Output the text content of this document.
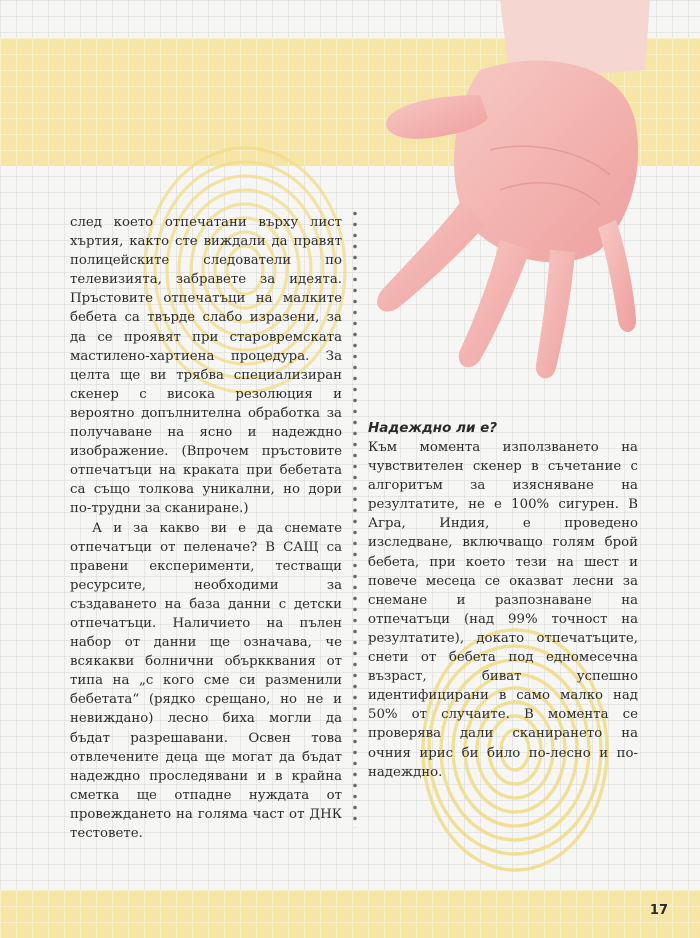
след което отпечатани върху лист хъртия, както сте виждали да правят полицейските следователи по телевизията, забравете за идеята. Пръстовите отпечатъци на малките бебета са твърде слабо изразени, за да се проявят при старовремската мастилено-хартиена процедура. За целта ще ви трябва специализиран скенер с висока резолюция и вероятно допълнителна обработка за получаване на ясно и надеждно изображение. (Впрочем пръстовите отпечатъци на краката при бебетата са също толкова уникални, но дори по-трудни за сканиране.)

А и за какво ви е да снемате отпечатъци от пеленаче? В САЩ са правени експерименти, тестващи ресурсите, необходими за създаването на база данни с детски отпечатъци. Наличието на пълен набор от данни ще означава, че всякакви болнични объркквания от типа на „с кого сме си разменили бебетата“ (рядко срещано, но не и невиждано) лесно биха могли да бъдат разрешавани. Освен това отвлечените деца ще могат да бъдат надеждно проследявани и в крайна сметка ще отпадне нуждата от провеждането на голяма част от ДНК тестовете.

Надеждно ли е?

Към момента използването на чувствителен скенер в съчетание с алгоритъм за изясняване на резултатите, не е 100% сигурен. В Агра, Индия, е проведено изследване, включващо голям брой бебета, при което тези на шест и повече месеца се оказват лесни за снемане и разпознаване на отпечатъци (над 99% точност на резултатите), докато отпечатъците, снети от бебета под едномесечна възраст, биват успешно идентифицирани в само малко над 50% от случаите. В момента се проверява дали сканирането на очния ирис би било по-лесно и по-надеждно.

17
